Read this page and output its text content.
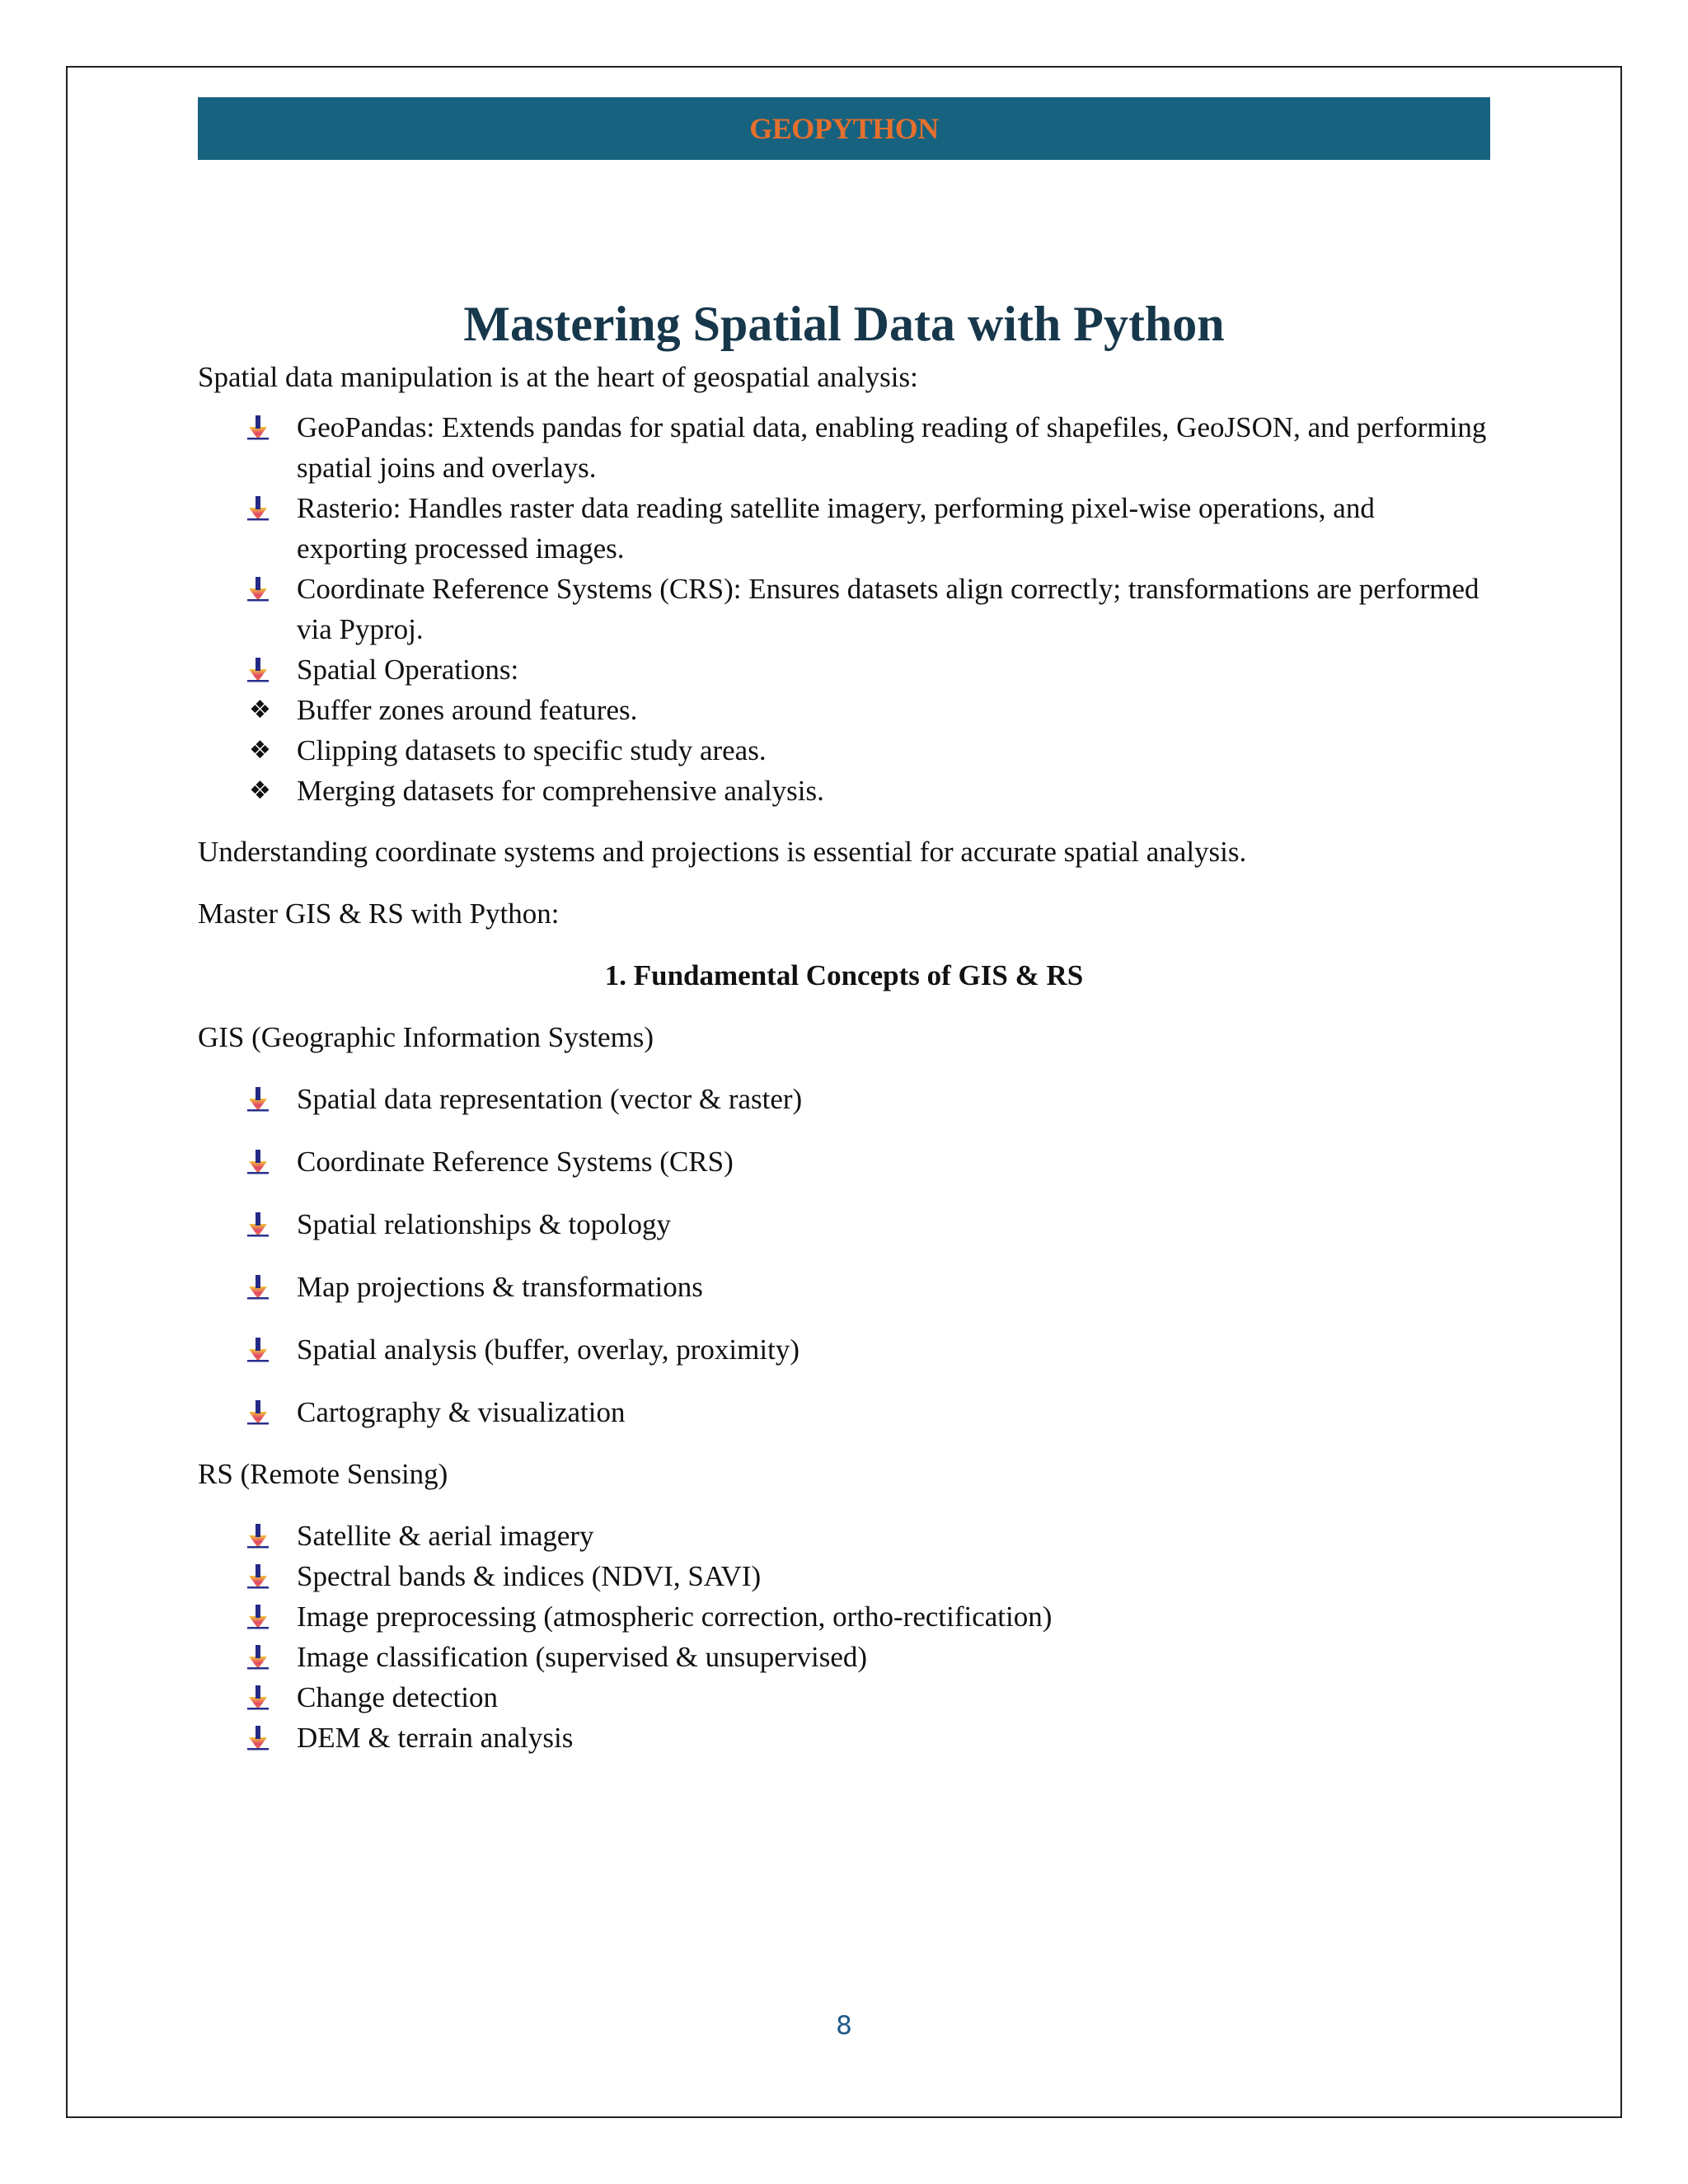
GEOPYTHON
Mastering Spatial Data with Python

Spatial data manipulation is at the heart of geospatial analysis:

GeoPandas: Extends pandas for spatial data, enabling reading of shapefiles, GeoJSON, and performing spatial joins and overlays.
Rasterio: Handles raster data reading satellite imagery, performing pixel-wise operations, and exporting processed images.
Coordinate Reference Systems (CRS): Ensures datasets align correctly; transformations are performed via Pyproj.
Spatial Operations:
❖ Buffer zones around features.
❖ Clipping datasets to specific study areas.
❖ Merging datasets for comprehensive analysis.

Understanding coordinate systems and projections is essential for accurate spatial analysis.

Master GIS & RS with Python:

1. Fundamental Concepts of GIS & RS

GIS (Geographic Information Systems)

Spatial data representation (vector & raster)
Coordinate Reference Systems (CRS)
Spatial relationships & topology
Map projections & transformations
Spatial analysis (buffer, overlay, proximity)
Cartography & visualization

RS (Remote Sensing)

Satellite & aerial imagery
Spectral bands & indices (NDVI, SAVI)
Image preprocessing (atmospheric correction, ortho-rectification)
Image classification (supervised & unsupervised)
Change detection
DEM & terrain analysis
8
